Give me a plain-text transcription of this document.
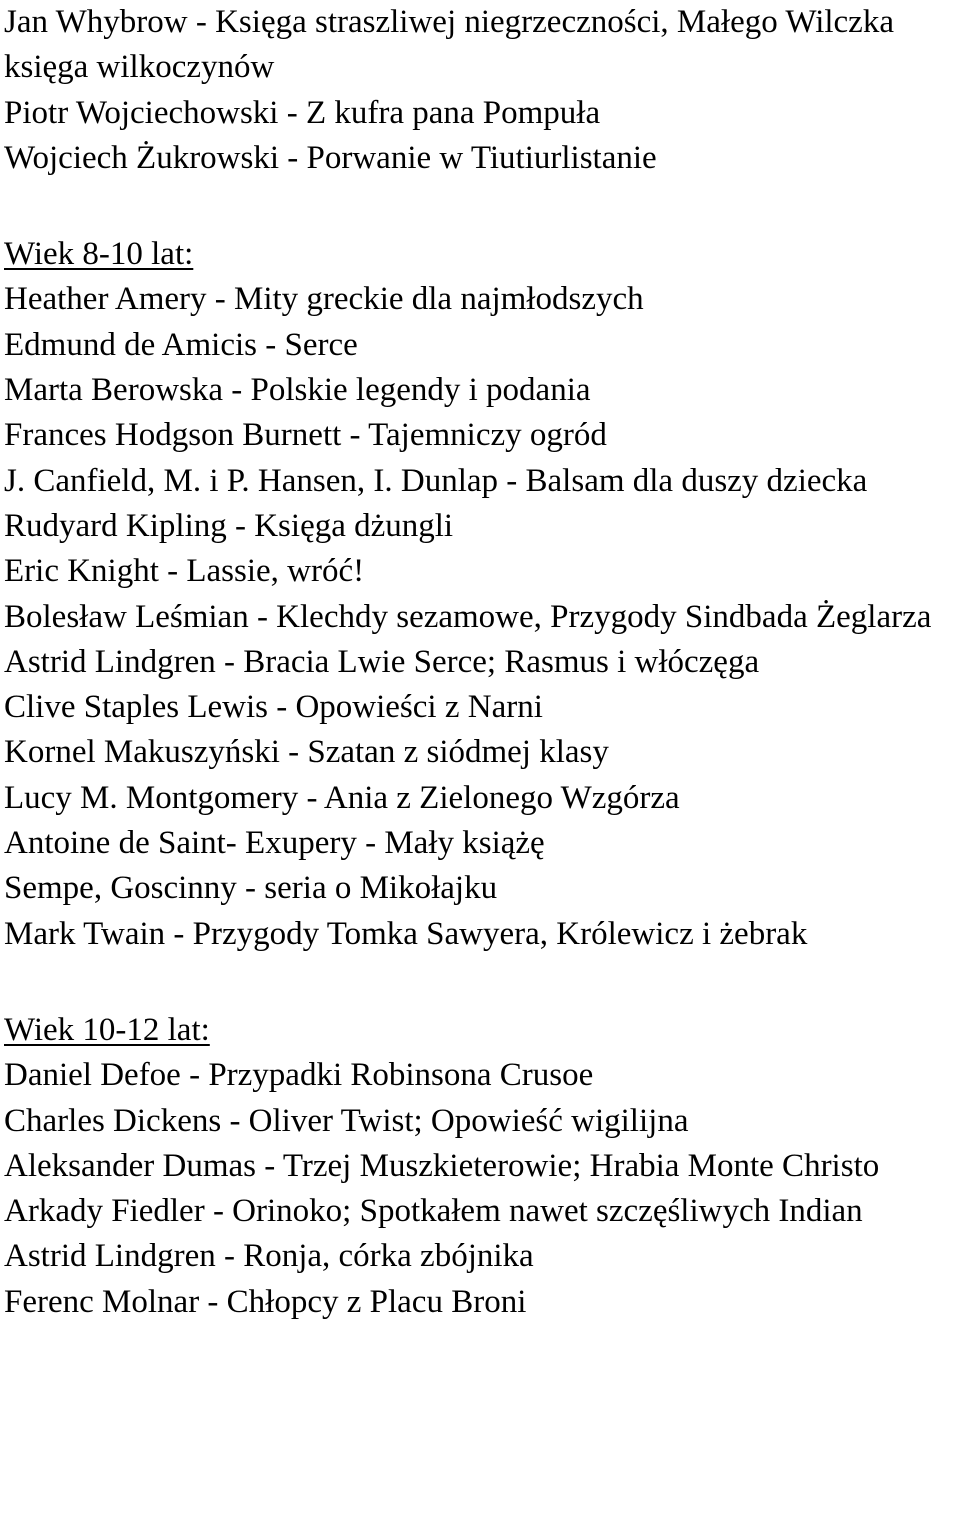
Jan Whybrow - Księga straszliwej niegrzeczności, Małego Wilczka księga wilkoczynów
Piotr Wojciechowski - Z kufra pana Pompuła
Wojciech Żukrowski - Porwanie w Tiutiurlistanie
Wiek 8-10 lat:
Heather Amery - Mity greckie dla najmłodszych
Edmund de Amicis - Serce
Marta Berowska - Polskie legendy i podania
Frances Hodgson Burnett - Tajemniczy ogród
J. Canfield, M. i P. Hansen, I. Dunlap - Balsam dla duszy dziecka
Rudyard Kipling - Księga dżungli
Eric Knight - Lassie, wróć!
Bolesław Leśmian - Klechdy sezamowe, Przygody Sindbada Żeglarza
Astrid Lindgren - Bracia Lwie Serce; Rasmus i włóczęga
Clive Staples Lewis - Opowieści z Narni
Kornel Makuszyński - Szatan z siódmej klasy
Lucy M. Montgomery - Ania z Zielonego Wzgórza
Antoine de Saint- Exupery - Mały książę
Sempe, Goscinny - seria o Mikołajku
Mark Twain - Przygody Tomka Sawyera, Królewicz i żebrak
Wiek 10-12 lat:
Daniel Defoe - Przypadki Robinsona Crusoe
Charles Dickens - Oliver Twist; Opowieść wigilijna
Aleksander Dumas - Trzej Muszkieterowie; Hrabia Monte Christo
Arkady Fiedler - Orinoko; Spotkałem nawet szczęśliwych Indian
Astrid Lindgren - Ronja, córka zbójnika
Ferenc Molnar - Chłopcy z Placu Broni
